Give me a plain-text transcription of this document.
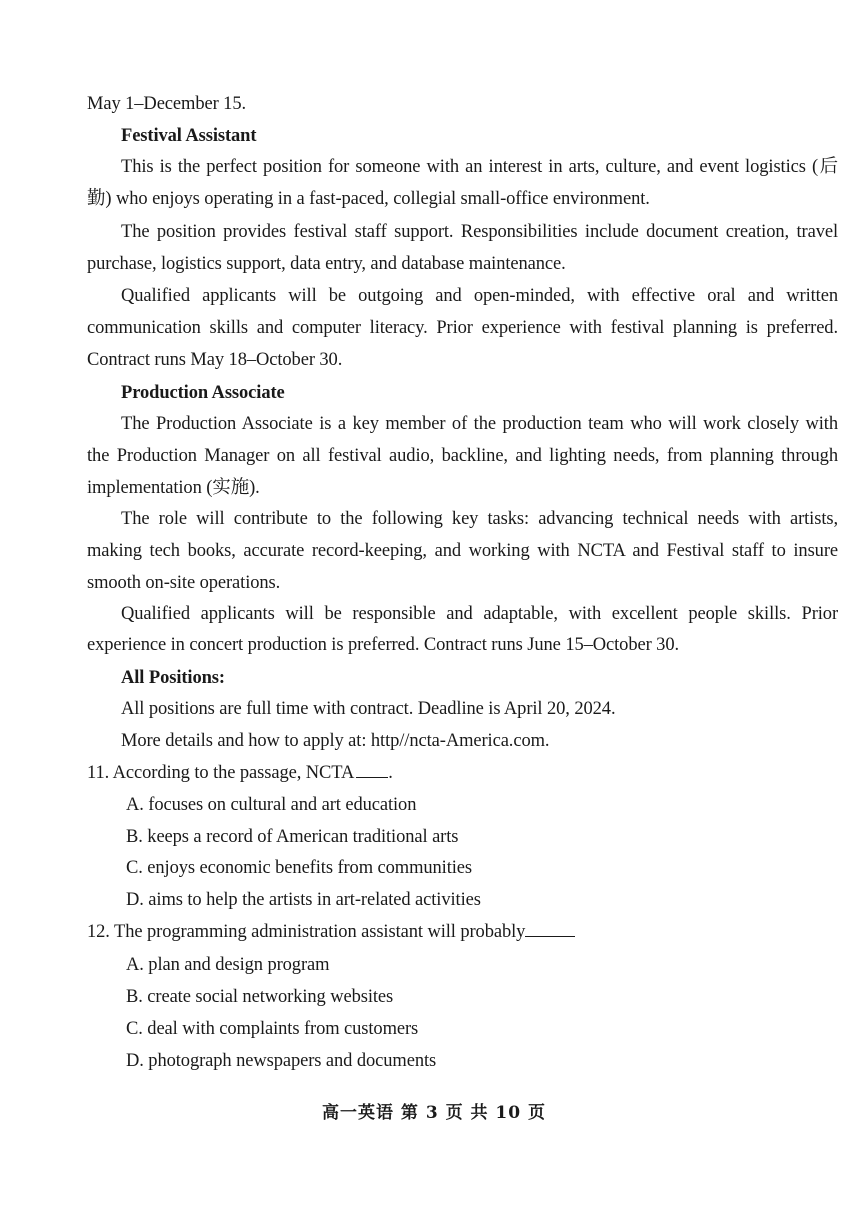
May 1–December 15.
Festival Assistant
This is the perfect position for someone with an interest in arts, culture, and event logistics (后
勤) who enjoys operating in a fast-paced, collegial small-office environment.
The position provides festival staff support. Responsibilities include document creation, travel
purchase, logistics support, data entry, and database maintenance.
Qualified applicants will be outgoing and open-minded, with effective oral and written
communication skills and computer literacy. Prior experience with festival planning is preferred.
Contract runs May 18–October 30.
Production Associate
The Production Associate is a key member of the production team who will work closely with
the Production Manager on all festival audio, backline, and lighting needs, from planning through
implementation (实施).
The role will contribute to the following key tasks: advancing technical needs with artists,
making tech books, accurate record-keeping, and working with NCTA and Festival staff to insure
smooth on-site operations.
Qualified applicants will be responsible and adaptable, with excellent people skills. Prior
experience in concert production is preferred. Contract runs June 15–October 30.
All Positions:
All positions are full time with contract. Deadline is April 20, 2024.
More details and how to apply at: http//ncta-America.com.
11. According to the passage, NCTA .
A. focuses on cultural and art education
B. keeps a record of American traditional arts
C. enjoys economic benefits from communities
D. aims to help the artists in art-related activities
12. The programming administration assistant will probably
A. plan and design program
B. create social networking websites
C. deal with complaints from customers
D. photograph newspapers and documents
高一英语 第 3 页 共 10 页
